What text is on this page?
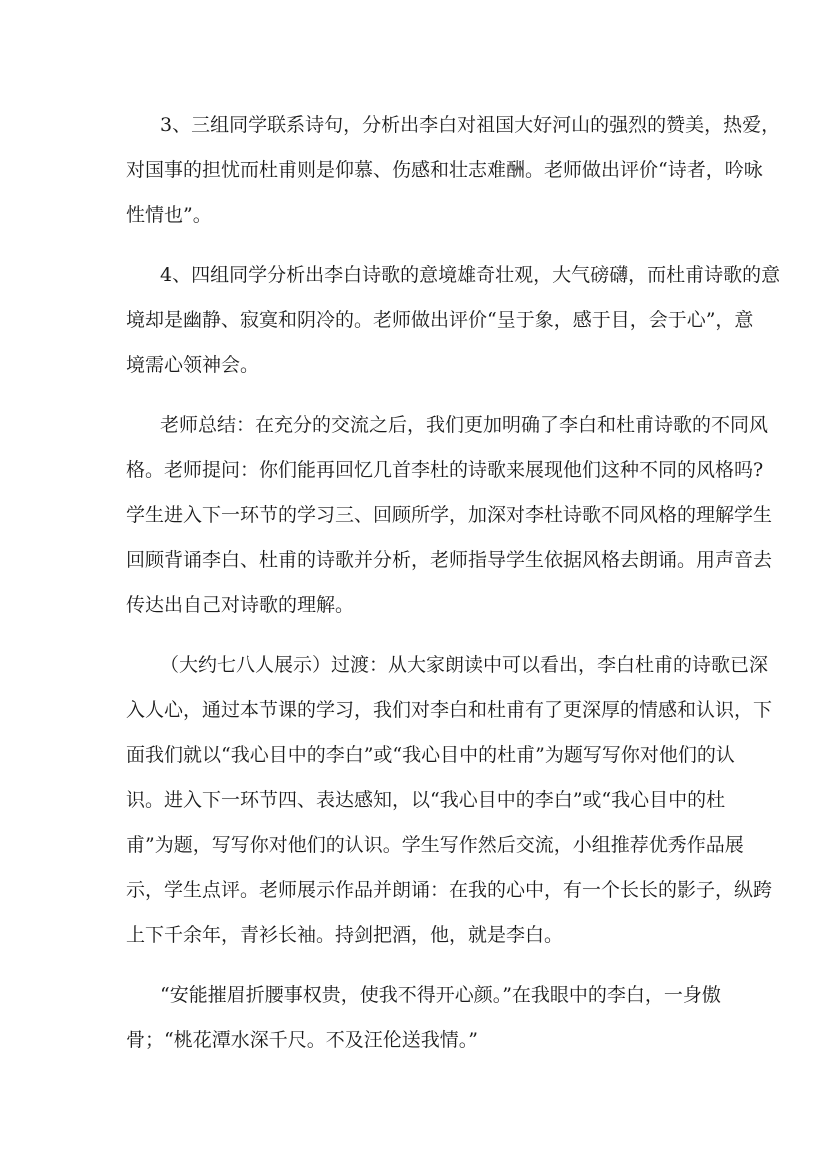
3、三组同学联系诗句，分析出李白对祖国大好河山的强烈的赞美，热爱，
对国事的担忧而杜甫则是仰慕、伤感和壮志难酬。老师做出评价“诗者，吟咏
性情也”。
4、四组同学分析出李白诗歌的意境雄奇壮观，大气磅礴，而杜甫诗歌的意
境却是幽静、寂寞和阴冷的。老师做出评价“呈于象，感于目，会于心”，意
境需心领神会。
老师总结：在充分的交流之后，我们更加明确了李白和杜甫诗歌的不同风
格。老师提问：你们能再回忆几首李杜的诗歌来展现他们这种不同的风格吗?
学生进入下一环节的学习三、回顾所学，加深对李杜诗歌不同风格的理解学生
回顾背诵李白、杜甫的诗歌并分析，老师指导学生依据风格去朗诵。用声音去
传达出自己对诗歌的理解。
（大约七八人展示）过渡：从大家朗读中可以看出，李白杜甫的诗歌已深
入人心，通过本节课的学习，我们对李白和杜甫有了更深厚的情感和认识，下
面我们就以“我心目中的李白”或“我心目中的杜甫”为题写写你对他们的认
识。进入下一环节四、表达感知，以“我心目中的李白”或“我心目中的杜
甫”为题，写写你对他们的认识。学生写作然后交流，小组推荐优秀作品展
示，学生点评。老师展示作品并朗诵：在我的心中，有一个长长的影子，纵跨
上下千余年，青衫长袖。持剑把酒，他，就是李白。
“安能摧眉折腰事权贵，使我不得开心颜。”在我眼中的李白，一身傲
骨；“桃花潭水深千尺。不及汪伦送我情。”
